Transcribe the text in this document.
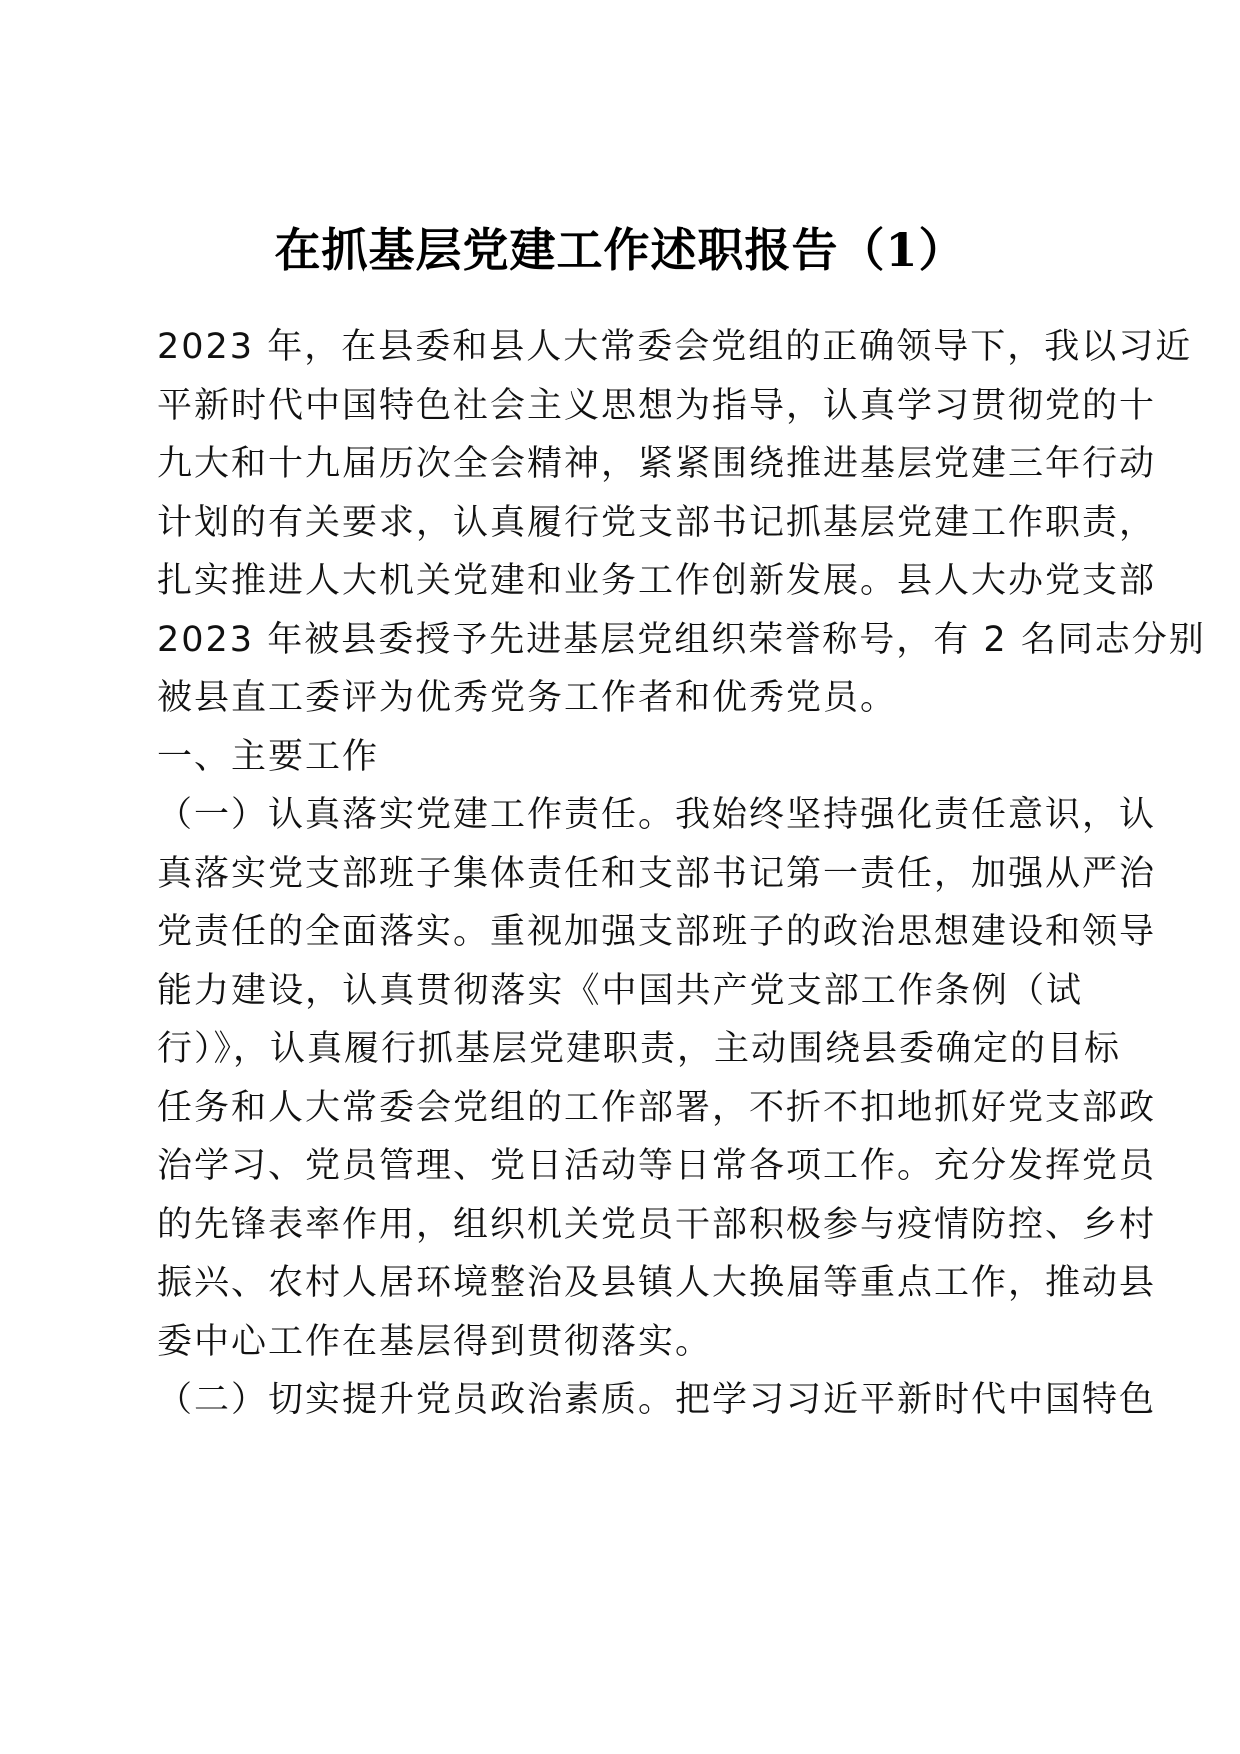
在抓基层党建工作述职报告（1）
2023 年，在县委和县人大常委会党组的正确领导下，我以习近
平新时代中国特色社会主义思想为指导，认真学习贯彻党的十
九大和十九届历次全会精神，紧紧围绕推进基层党建三年行动
计划的有关要求，认真履行党支部书记抓基层党建工作职责，
扎实推进人大机关党建和业务工作创新发展。县人大办党支部
2023 年被县委授予先进基层党组织荣誉称号，有 2 名同志分别
被县直工委评为优秀党务工作者和优秀党员。
一、主要工作
（一）认真落实党建工作责任。我始终坚持强化责任意识，认
真落实党支部班子集体责任和支部书记第一责任，加强从严治
党责任的全面落实。重视加强支部班子的政治思想建设和领导
能力建设，认真贯彻落实《中国共产党支部工作条例（试
行）》，认真履行抓基层党建职责，主动围绕县委确定的目标
任务和人大常委会党组的工作部署，不折不扣地抓好党支部政
治学习、党员管理、党日活动等日常各项工作。充分发挥党员
的先锋表率作用，组织机关党员干部积极参与疫情防控、乡村
振兴、农村人居环境整治及县镇人大换届等重点工作，推动县
委中心工作在基层得到贯彻落实。
（二）切实提升党员政治素质。把学习习近平新时代中国特色
